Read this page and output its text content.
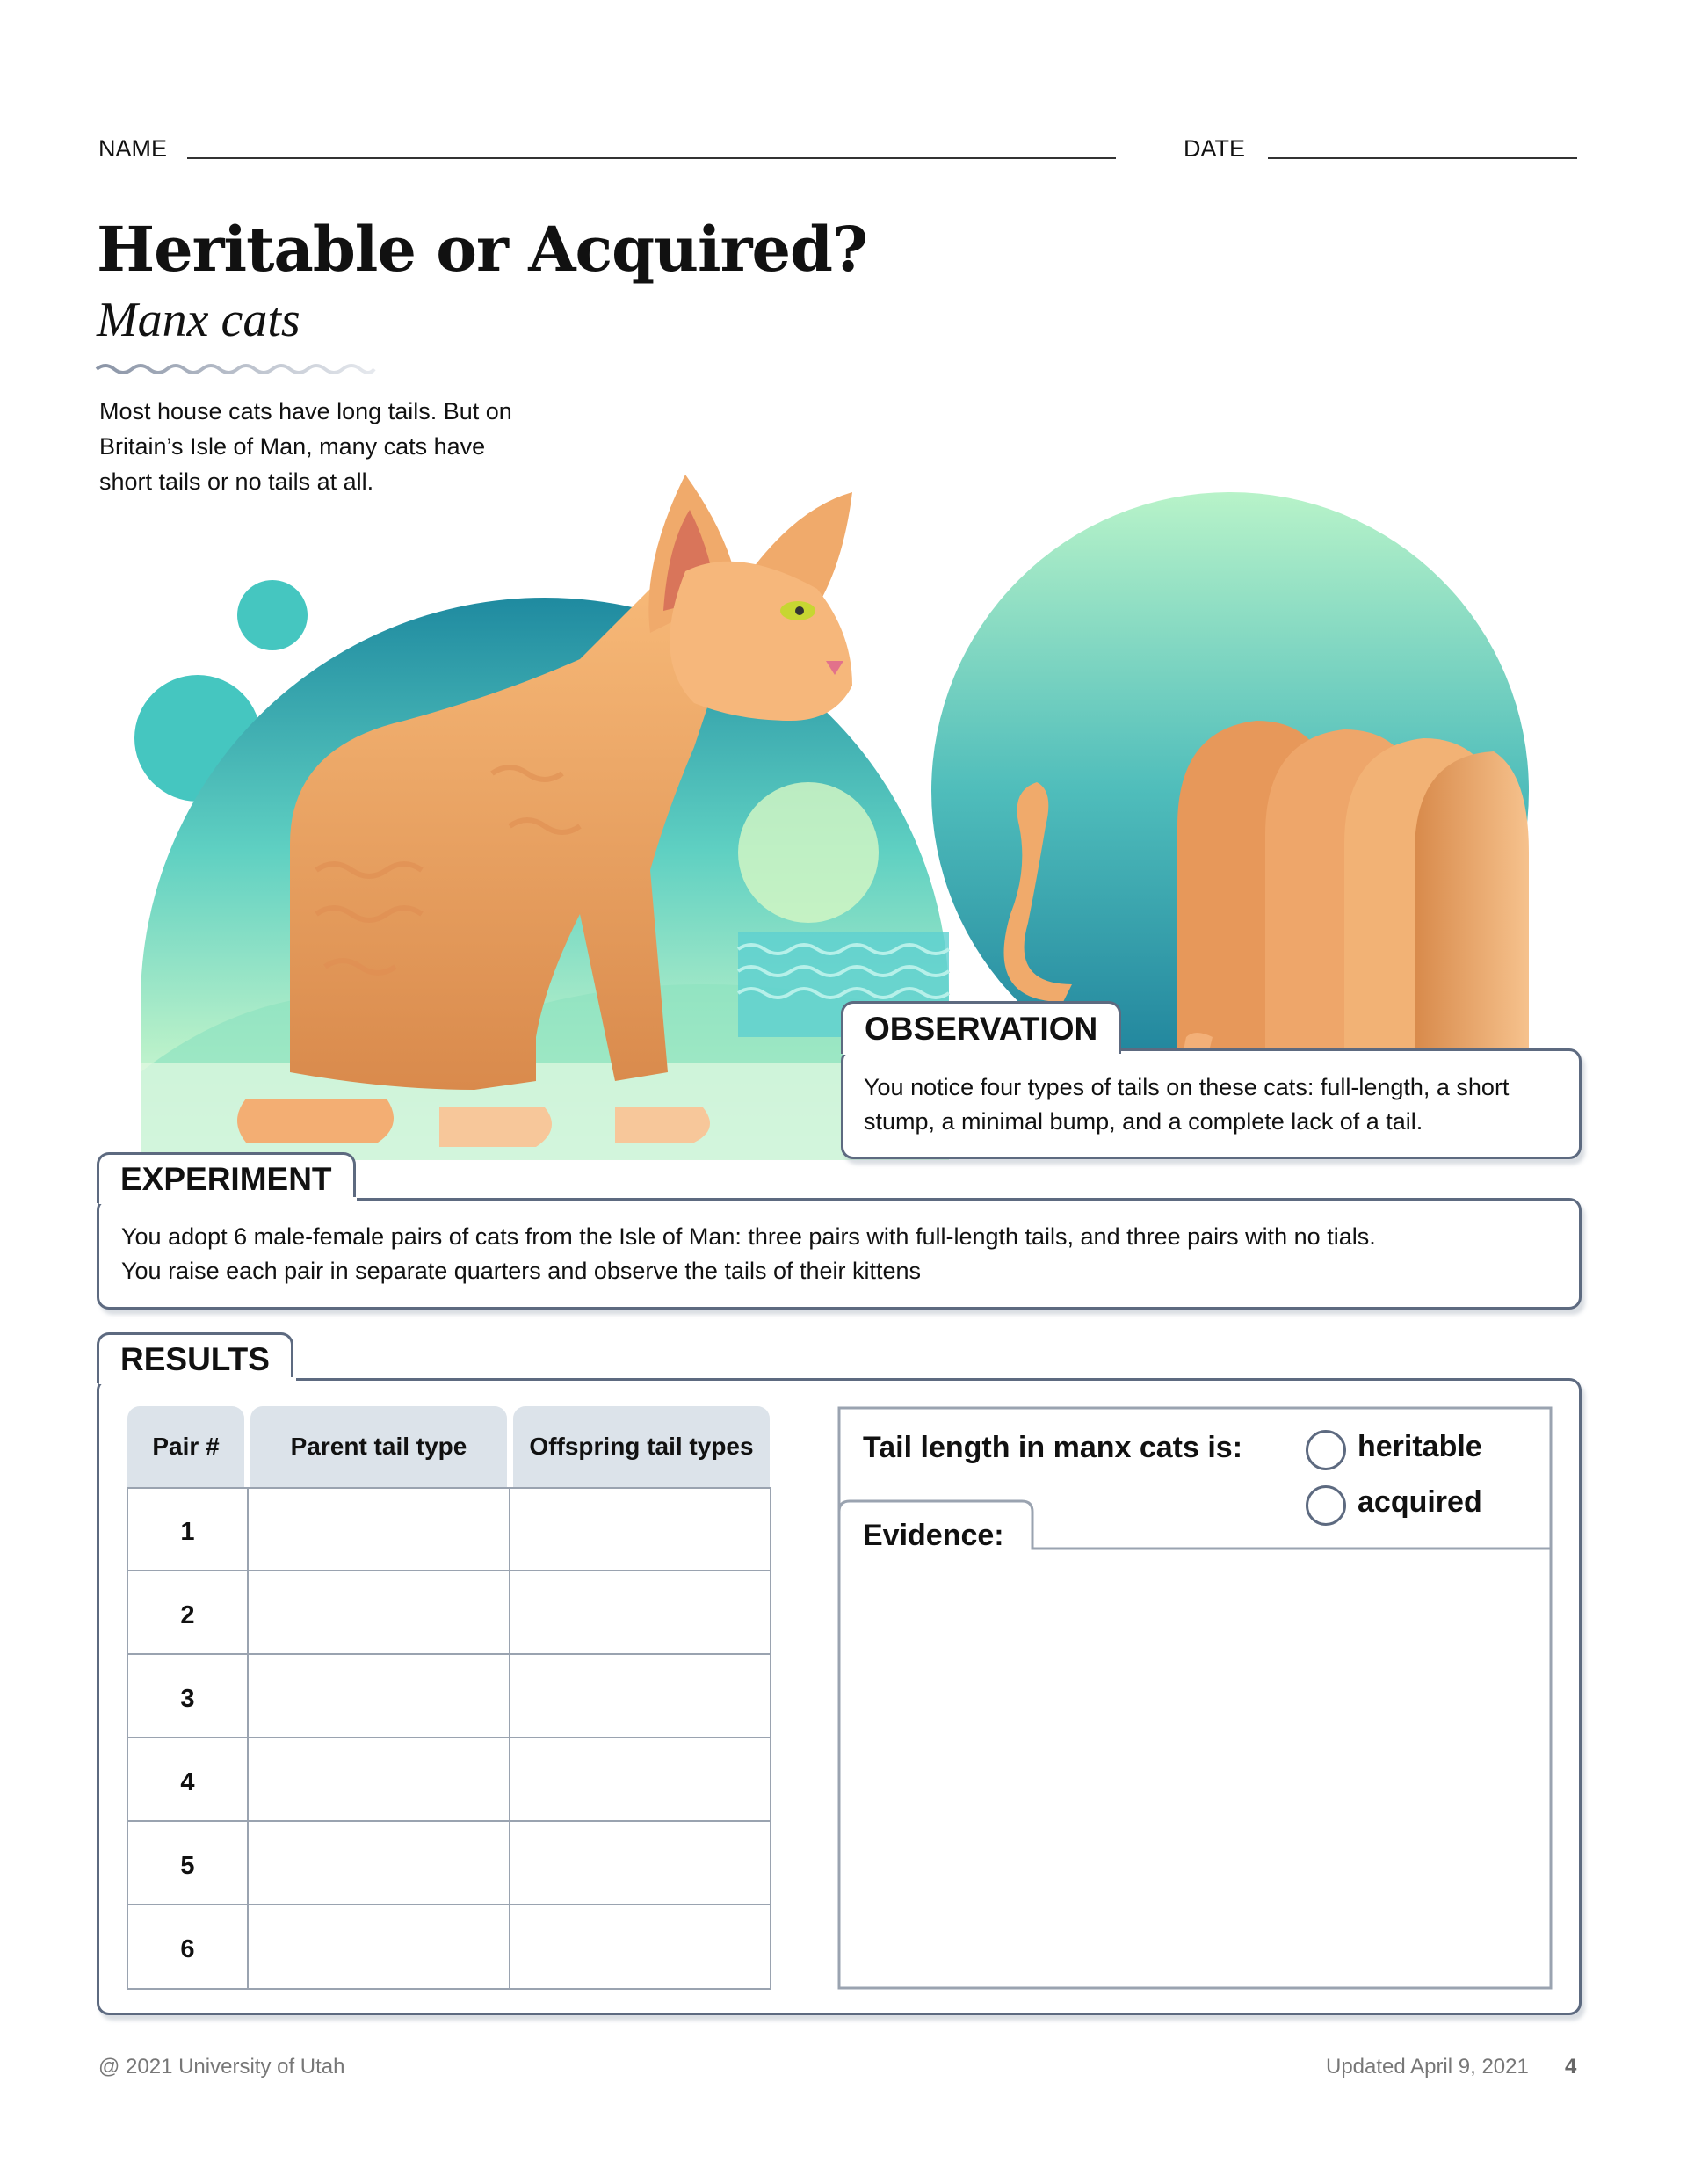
NAME	DATE
Heritable or Acquired?
Manx cats
Most house cats have long tails. But on
Britain’s Isle of Man, many cats have
short tails or no tails at all.
OBSERVATION
You notice four types of tails on these cats: full-length, a short
stump, a minimal bump, and a complete lack of a tail.
EXPERIMENT
You adopt 6 male-female pairs of cats from the Isle of Man: three pairs with full-length tails, and three pairs with no tials.
You raise each pair in separate quarters and observe the tails of their kittens
RESULTS
Pair #	Parent tail type	Offspring tail types
1
2
3
4
5
6
Tail length in manx cats is:	heritable
acquired
Evidence:
@ 2021 University of Utah	Updated April 9, 2021 4
